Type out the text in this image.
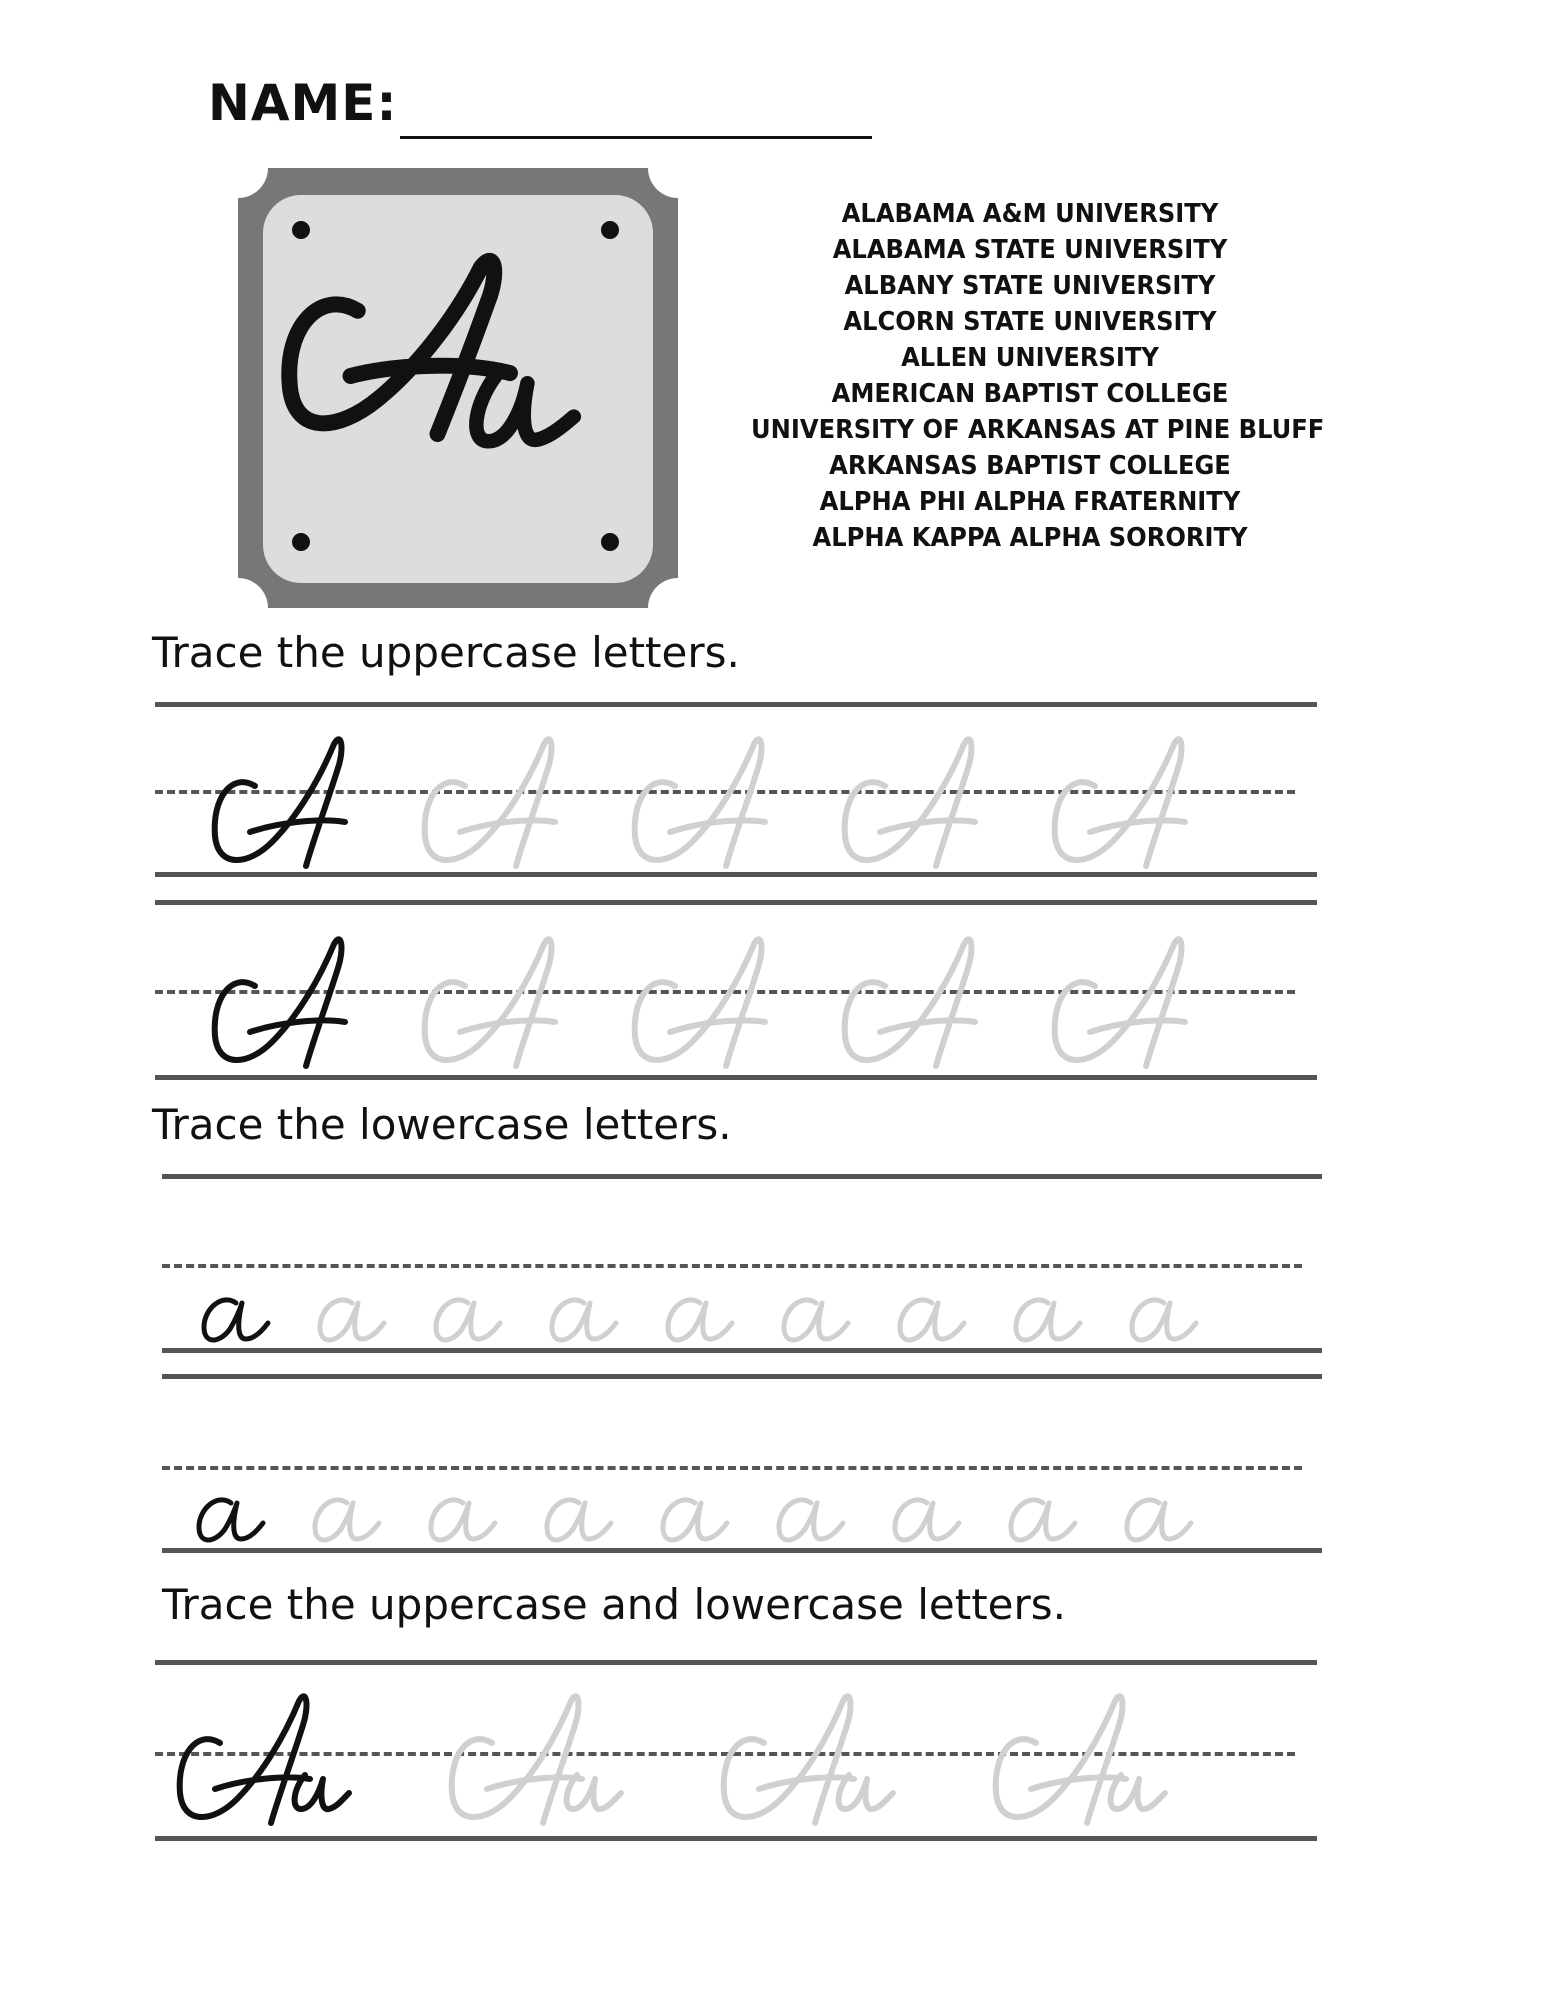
NAME:
ALABAMA A&M UNIVERSITY
ALABAMA STATE UNIVERSITY
ALBANY STATE UNIVERSITY
ALCORN STATE UNIVERSITY
ALLEN UNIVERSITY
AMERICAN BAPTIST COLLEGE
UNIVERSITY OF ARKANSAS AT PINE BLUFF
ARKANSAS BAPTIST COLLEGE
ALPHA PHI ALPHA FRATERNITY
ALPHA KAPPA ALPHA SORORITY
Trace the uppercase letters.
Trace the lowercase letters.
Trace the uppercase and lowercase letters.
